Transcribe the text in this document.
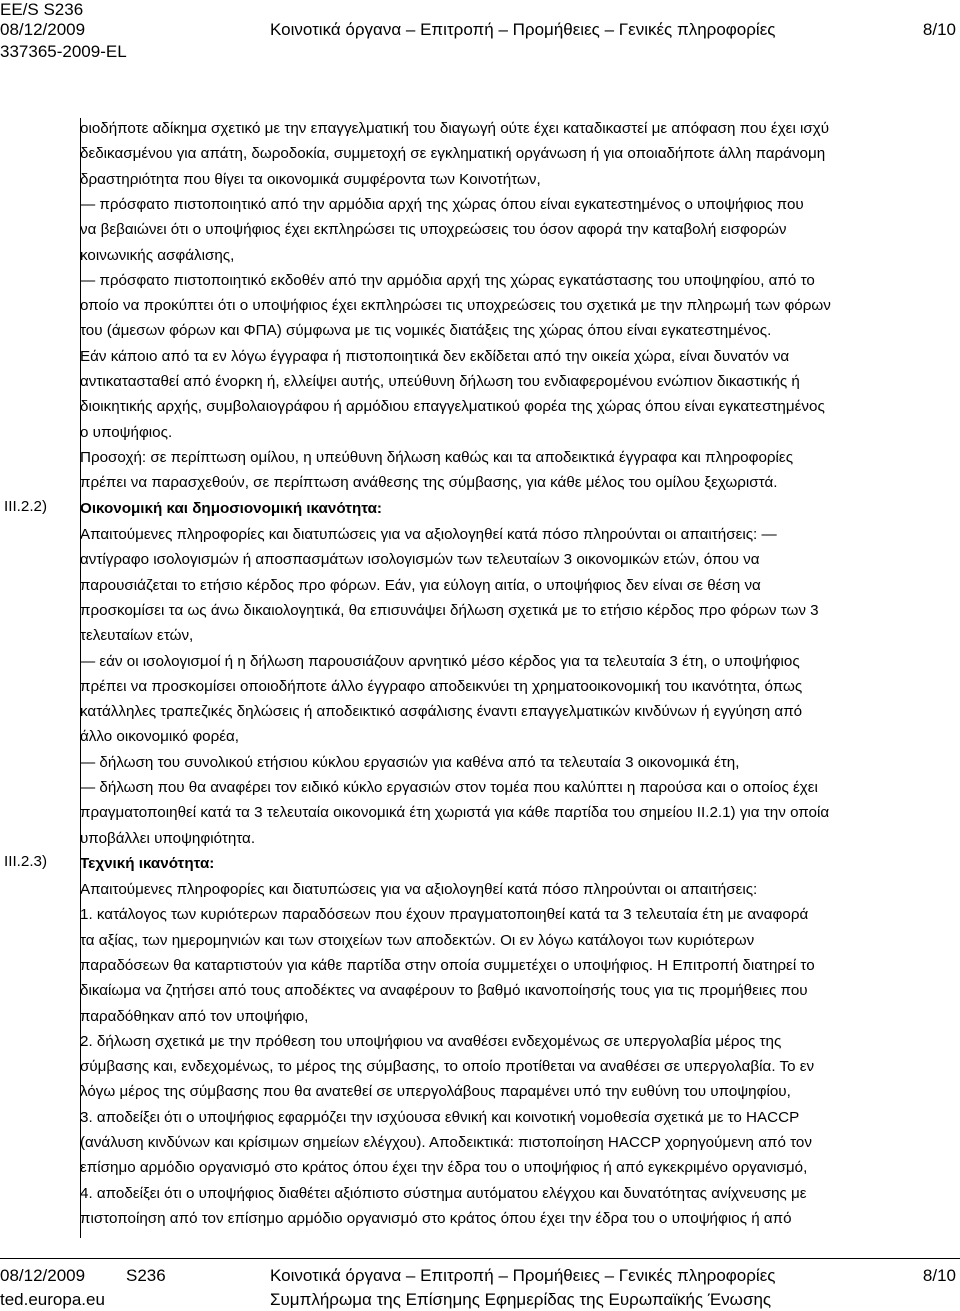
EE/S S236
08/12/2009	Κοινοτικά όργανα – Επιτροπή – Προμήθειες – Γενικές πληροφορίες	8/10
337365-2009-EL
οιοδήποτε αδίκημα σχετικό με την επαγγελματική του διαγωγή ούτε έχει καταδικαστεί με απόφαση που έχει ισχύ
δεδικασμένου για απάτη, δωροδοκία, συμμετοχή σε εγκληματική οργάνωση ή για οποιαδήποτε άλλη παράνομη
δραστηριότητα που θίγει τα οικονομικά συμφέροντα των Κοινοτήτων,
— πρόσφατο πιστοποιητικό από την αρμόδια αρχή της χώρας όπου είναι εγκατεστημένος ο υποψήφιος που
να βεβαιώνει ότι ο υποψήφιος έχει εκπληρώσει τις υποχρεώσεις του όσον αφορά την καταβολή εισφορών
κοινωνικής ασφάλισης,
— πρόσφατο πιστοποιητικό εκδοθέν από την αρμόδια αρχή της χώρας εγκατάστασης του υποψηφίου, από το
οποίο να προκύπτει ότι ο υποψήφιος έχει εκπληρώσει τις υποχρεώσεις του σχετικά με την πληρωμή των φόρων
του (άμεσων φόρων και ΦΠΑ) σύμφωνα με τις νομικές διατάξεις της χώρας όπου είναι εγκατεστημένος.
Εάν κάποιο από τα εν λόγω έγγραφα ή πιστοποιητικά δεν εκδίδεται από την οικεία χώρα, είναι δυνατόν να
αντικατασταθεί από ένορκη ή, ελλείψει αυτής, υπεύθυνη δήλωση του ενδιαφερομένου ενώπιον δικαστικής ή
διοικητικής αρχής, συμβολαιογράφου ή αρμόδιου επαγγελματικού φορέα της χώρας όπου είναι εγκατεστημένος
ο υποψήφιος.
Προσοχή: σε περίπτωση ομίλου, η υπεύθυνη δήλωση καθώς και τα αποδεικτικά έγγραφα και πληροφορίες
πρέπει να παρασχεθούν, σε περίπτωση ανάθεσης της σύμβασης, για κάθε μέλος του ομίλου ξεχωριστά.
III.2.2) Οικονομική και δημοσιονομική ικανότητα:
Απαιτούμενες πληροφορίες και διατυπώσεις για να αξιολογηθεί κατά πόσο πληρούνται οι απαιτήσεις: —
αντίγραφο ισολογισμών ή αποσπασμάτων ισολογισμών των τελευταίων 3 οικονομικών ετών, όπου να
παρουσιάζεται το ετήσιο κέρδος προ φόρων. Εάν, για εύλογη αιτία, ο υποψήφιος δεν είναι σε θέση να
προσκομίσει τα ως άνω δικαιολογητικά, θα επισυνάψει δήλωση σχετικά με το ετήσιο κέρδος προ φόρων των 3
τελευταίων ετών,
— εάν οι ισολογισμοί ή η δήλωση παρουσιάζουν αρνητικό μέσο κέρδος για τα τελευταία 3 έτη, ο υποψήφιος
πρέπει να προσκομίσει οποιοδήποτε άλλο έγγραφο αποδεικνύει τη χρηματοοικονομική του ικανότητα, όπως
κατάλληλες τραπεζικές δηλώσεις ή αποδεικτικό ασφάλισης έναντι επαγγελματικών κινδύνων ή εγγύηση από
άλλο οικονομικό φορέα,
— δήλωση του συνολικού ετήσιου κύκλου εργασιών για καθένα από τα τελευταία 3 οικονομικά έτη,
— δήλωση που θα αναφέρει τον ειδικό κύκλο εργασιών στον τομέα που καλύπτει η παρούσα και ο οποίος έχει
πραγματοποιηθεί κατά τα 3 τελευταία οικονομικά έτη χωριστά για κάθε παρτίδα του σημείου II.2.1) για την οποία
υποβάλλει υποψηφιότητα.
III.2.3) Τεχνική ικανότητα:
Απαιτούμενες πληροφορίες και διατυπώσεις για να αξιολογηθεί κατά πόσο πληρούνται οι απαιτήσεις:
1. κατάλογος των κυριότερων παραδόσεων που έχουν πραγματοποιηθεί κατά τα 3 τελευταία έτη με αναφορά
τα αξίας, των ημερομηνιών και των στοιχείων των αποδεκτών. Οι εν λόγω κατάλογοι των κυριότερων
παραδόσεων θα καταρτιστούν για κάθε παρτίδα στην οποία συμμετέχει ο υποψήφιος. Η Επιτροπή διατηρεί το
δικαίωμα να ζητήσει από τους αποδέκτες να αναφέρουν το βαθμό ικανοποίησής τους για τις προμήθειες που
παραδόθηκαν από τον υποψήφιο,
2. δήλωση σχετικά με την πρόθεση του υποψήφιου να αναθέσει ενδεχομένως σε υπεργολαβία μέρος της
σύμβασης και, ενδεχομένως, το μέρος της σύμβασης, το οποίο προτίθεται να αναθέσει σε υπεργολαβία. Το εν
λόγω μέρος της σύμβασης που θα ανατεθεί σε υπεργολάβους παραμένει υπό την ευθύνη του υποψηφίου,
3. αποδείξει ότι ο υποψήφιος εφαρμόζει την ισχύουσα εθνική και κοινοτική νομοθεσία σχετικά με το HACCP
(ανάλυση κινδύνων και κρίσιμων σημείων ελέγχου). Αποδεικτικά: πιστοποίηση HACCP χορηγούμενη από τον
επίσημο αρμόδιο οργανισμό στο κράτος όπου έχει την έδρα του ο υποψήφιος ή από εγκεκριμένο οργανισμό,
4. αποδείξει ότι ο υποψήφιος διαθέτει αξιόπιστο σύστημα αυτόματου ελέγχου και δυνατότητας ανίχνευσης με
πιστοποίηση από τον επίσημο αρμόδιο οργανισμό στο κράτος όπου έχει την έδρα του ο υποψήφιος ή από
08/12/2009 S236	Κοινοτικά όργανα – Επιτροπή – Προμήθειες – Γενικές πληροφορίες	8/10
ted.europa.eu	Συμπλήρωμα της Επίσημης Εφημερίδας της Ευρωπαϊκής Ένωσης
